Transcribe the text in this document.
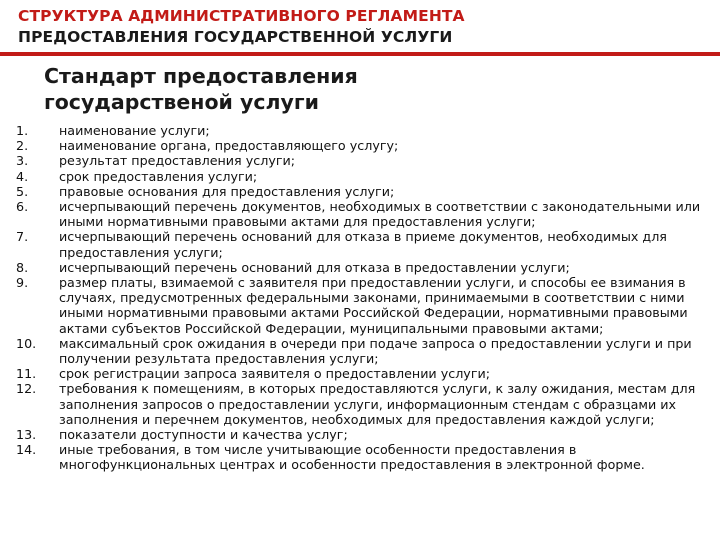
СТРУКТУРА АДМИНИСТРАТИВНОГО РЕГЛАМЕНТА
ПРЕДОСТАВЛЕНИЯ ГОСУДАРСТВЕННОЙ УСЛУГИ
Стандарт предоставления
государственой услуги
1.	наименование услуги;
2.	наименование органа, предоставляющего услугу;
3.	результат предоставления услуги;
4.	срок предоставления услуги;
5.	правовые основания для предоставления услуги;
6.	исчерпывающий перечень документов, необходимых в соответствии с законодательными или иными нормативными правовыми актами для предоставления услуги;
7.	исчерпывающий перечень оснований для отказа в приеме документов, необходимых для предоставления услуги;
8.	исчерпывающий перечень оснований для отказа в предоставлении услуги;
9.	размер платы, взимаемой с заявителя при предоставлении услуги, и способы ее взимания в случаях, предусмотренных федеральными законами, принимаемыми в соответствии с ними иными нормативными правовыми актами Российской Федерации, нормативными правовыми актами субъектов Российской Федерации, муниципальными правовыми актами;
10.	максимальный срок ожидания в очереди при подаче запроса о предоставлении услуги и при получении результата предоставления услуги;
11.	срок регистрации запроса заявителя о предоставлении услуги;
12.	требования к помещениям, в которых предоставляются услуги, к залу ожидания, местам для заполнения запросов о предоставлении услуги, информационным стендам с образцами их заполнения и перечнем документов, необходимых для предоставления каждой услуги;
13.	показатели доступности и качества услуг;
14.	иные требования, в том числе учитывающие особенности предоставления в многофункциональных центрах и особенности предоставления в электронной форме.
